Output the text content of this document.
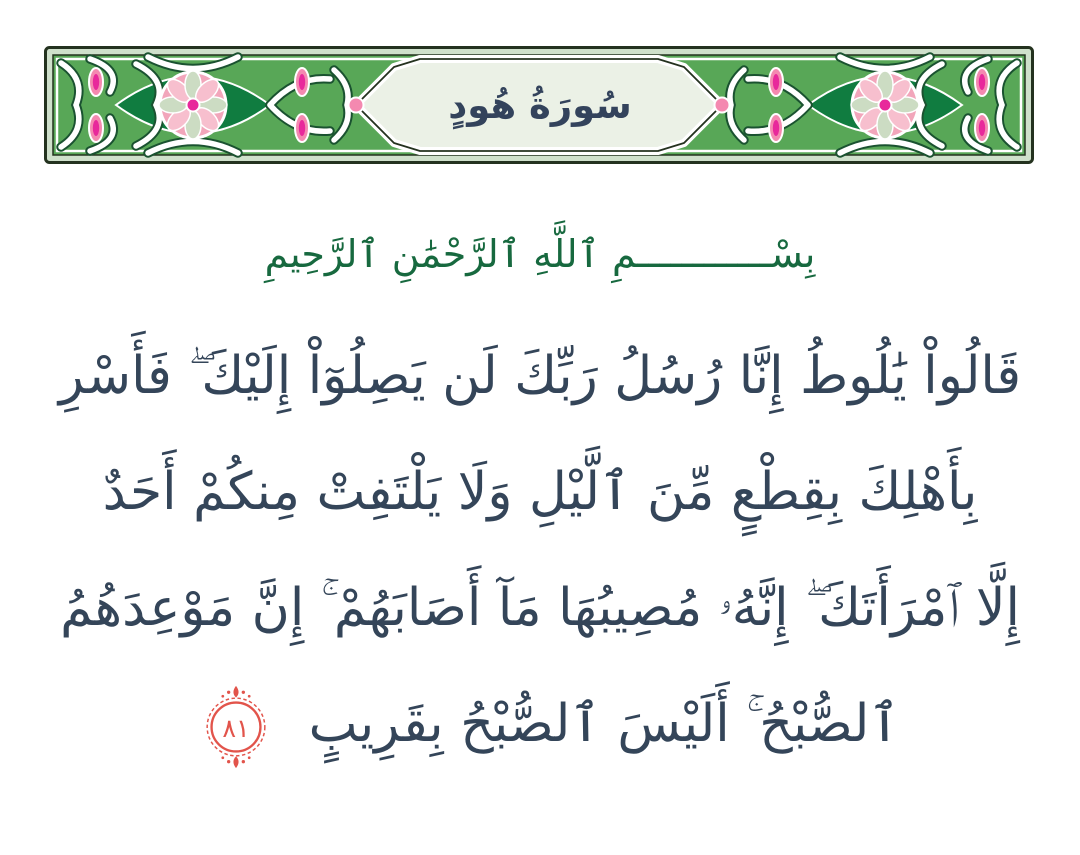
سُورَةُ هُودٍ
بِسْــــــــــــمِ ٱللَّهِ ٱلرَّحْمَٰنِ ٱلرَّحِيمِ
قَالُواْ يَٰلُوطُ إِنَّا رُسُلُ رَبِّكَ لَن يَصِلُوٓاْ إِلَيْكَ ۖ فَأَسْرِ
بِأَهْلِكَ بِقِطْعٍ مِّنَ ٱلَّيْلِ وَلَا يَلْتَفِتْ مِنكُمْ أَحَدٌ
إِلَّا ٱمْرَأَتَكَ ۖ إِنَّهُۥ مُصِيبُهَا مَآ أَصَابَهُمْ ۚ إِنَّ مَوْعِدَهُمُ
ٱلصُّبْحُ ۚ أَلَيْسَ ٱلصُّبْحُ بِقَرِيبٍ
٨١
